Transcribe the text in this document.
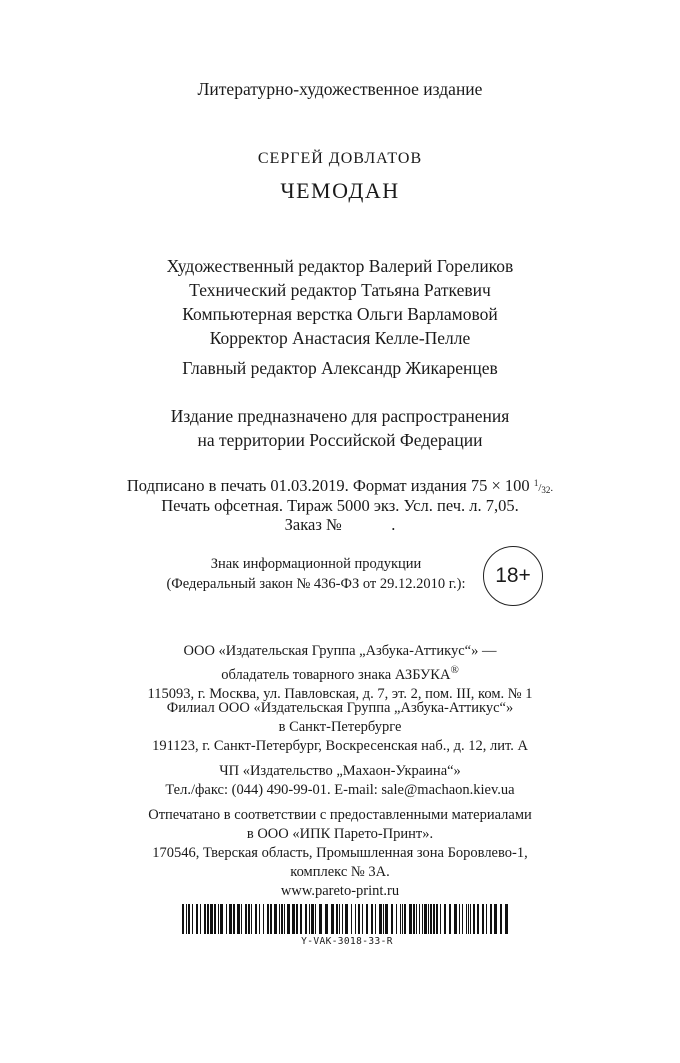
Литературно-художественное издание
СЕРГЕЙ ДОВЛАТОВ
ЧЕМОДАН
Художественный редактор Валерий Гореликов
Технический редактор Татьяна Раткевич
Компьютерная верстка Ольги Варламовой
Корректор Анастасия Келле-Пелле
Главный редактор Александр Жикаренцев
Издание предназначено для распространения
на территории Российской Федерации
Подписано в печать 01.03.2019. Формат издания 75 × 100 $^1/_{32}$.
Печать офсетная. Тираж 5000 экз. Усл. печ. л. 7,05.
Заказ №            .
Знак информационной продукции
(Федеральный закон № 436-ФЗ от 29.12.2010 г.):	18+

ООО «Издательская Группа „Азбука-Аттикус“» —

обладатель товарного знака АЗБУКА®

115093, г. Москва, ул. Павловская, д. 7, эт. 2, пом. III, ком. № 1

Филиал ООО «Издательская Группа „Азбука-Аттикус“»

в Санкт-Петербурге

191123, г. Санкт-Петербург, Воскресенская наб., д. 12, лит. А

ЧП «Издательство „Махаон-Украина“»

Тел./факс: (044) 490-99-01. E-mail: sale@machaon.kiev.ua

Отпечатано в соответствии с предоставленными материалами

в ООО «ИПК Парето-Принт».

170546, Тверская область, Промышленная зона Боровлево-1,

комплекс № 3А.

www.pareto-print.ru

Y-VAK-3018-33-R
